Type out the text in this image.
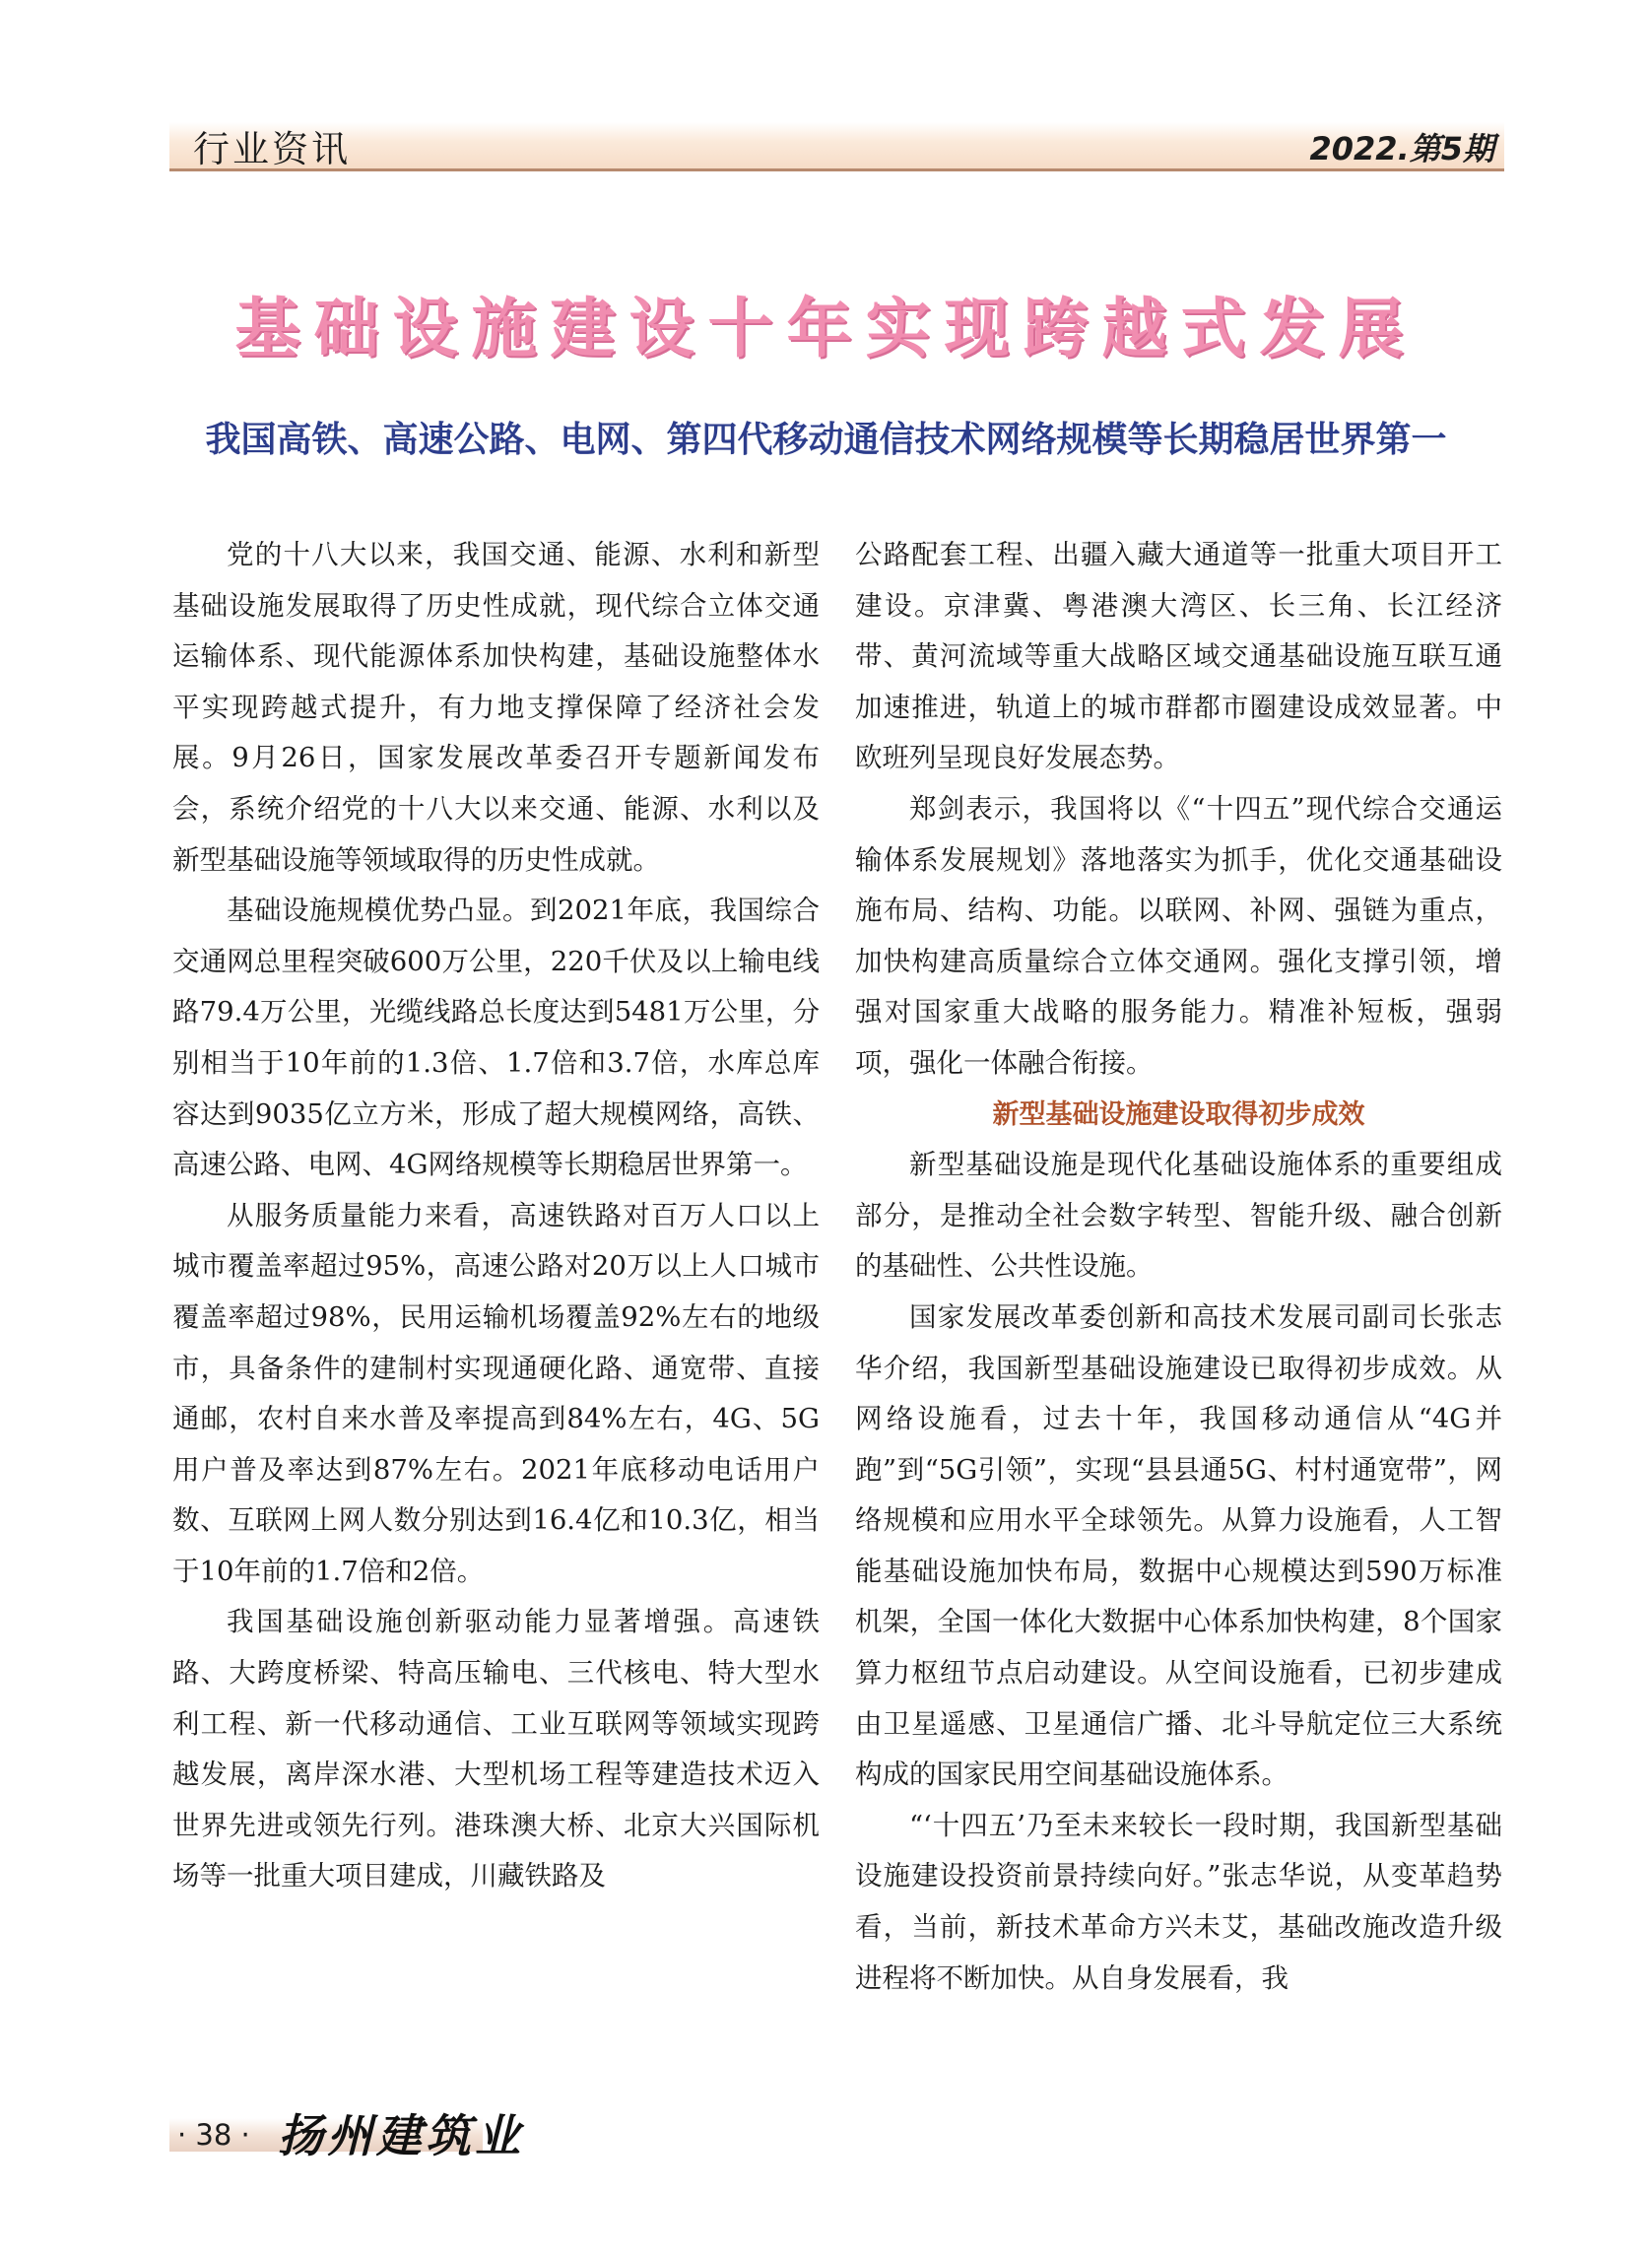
行业资讯	2022.第5期
基础设施建设十年实现跨越式发展
我国高铁、高速公路、电网、第四代移动通信技术网络规模等长期稳居世界第一

党的十八大以来，我国交通、能源、水利和新型基础设施发展取得了历史性成就，现代综合立体交通运输体系、现代能源体系加快构建，基础设施整体水平实现跨越式提升，有力地支撑保障了经济社会发展。9月26日，国家发展改革委召开专题新闻发布会，系统介绍党的十八大以来交通、能源、水利以及新型基础设施等领域取得的历史性成就。

基础设施规模优势凸显。到2021年底，我国综合交通网总里程突破600万公里，220千伏及以上输电线路79.4万公里，光缆线路总长度达到5481万公里，分别相当于10年前的1.3倍、1.7倍和3.7倍，水库总库容达到9035亿立方米，形成了超大规模网络，高铁、高速公路、电网、4G网络规模等长期稳居世界第一。

从服务质量能力来看，高速铁路对百万人口以上城市覆盖率超过95%，高速公路对20万以上人口城市覆盖率超过98%，民用运输机场覆盖92%左右的地级市，具备条件的建制村实现通硬化路、通宽带、直接通邮，农村自来水普及率提高到84%左右，4G、5G用户普及率达到87%左右。2021年底移动电话用户数、互联网上网人数分别达到16.4亿和10.3亿，相当于10年前的1.7倍和2倍。

我国基础设施创新驱动能力显著增强。高速铁路、大跨度桥梁、特高压输电、三代核电、特大型水利工程、新一代移动通信、工业互联网等领域实现跨越发展，离岸深水港、大型机场工程等建造技术迈入世界先进或领先行列。港珠澳大桥、北京大兴国际机场等一批重大项目建成，川藏铁路及

公路配套工程、出疆入藏大通道等一批重大项目开工建设。京津冀、粤港澳大湾区、长三角、长江经济带、黄河流域等重大战略区域交通基础设施互联互通加速推进，轨道上的城市群都市圈建设成效显著。中欧班列呈现良好发展态势。

郑剑表示，我国将以《“十四五”现代综合交通运输体系发展规划》落地落实为抓手，优化交通基础设施布局、结构、功能。以联网、补网、强链为重点，加快构建高质量综合立体交通网。强化支撑引领，增强对国家重大战略的服务能力。精准补短板，强弱项，强化一体融合衔接。

新型基础设施建设取得初步成效

新型基础设施是现代化基础设施体系的重要组成部分，是推动全社会数字转型、智能升级、融合创新的基础性、公共性设施。

国家发展改革委创新和高技术发展司副司长张志华介绍，我国新型基础设施建设已取得初步成效。从网络设施看，过去十年，我国移动通信从“4G并跑”到“5G引领”，实现“县县通5G、村村通宽带”，网络规模和应用水平全球领先。从算力设施看，人工智能基础设施加快布局，数据中心规模达到590万标准机架，全国一体化大数据中心体系加快构建，8个国家算力枢纽节点启动建设。从空间设施看，已初步建成由卫星遥感、卫星通信广播、北斗导航定位三大系统构成的国家民用空间基础设施体系。

“‘十四五’乃至未来较长一段时期，我国新型基础设施建设投资前景持续向好。”张志华说，从变革趋势看，当前，新技术革命方兴未艾，基础改施改造升级进程将不断加快。从自身发展看，我

· 38 · 扬州建筑业
